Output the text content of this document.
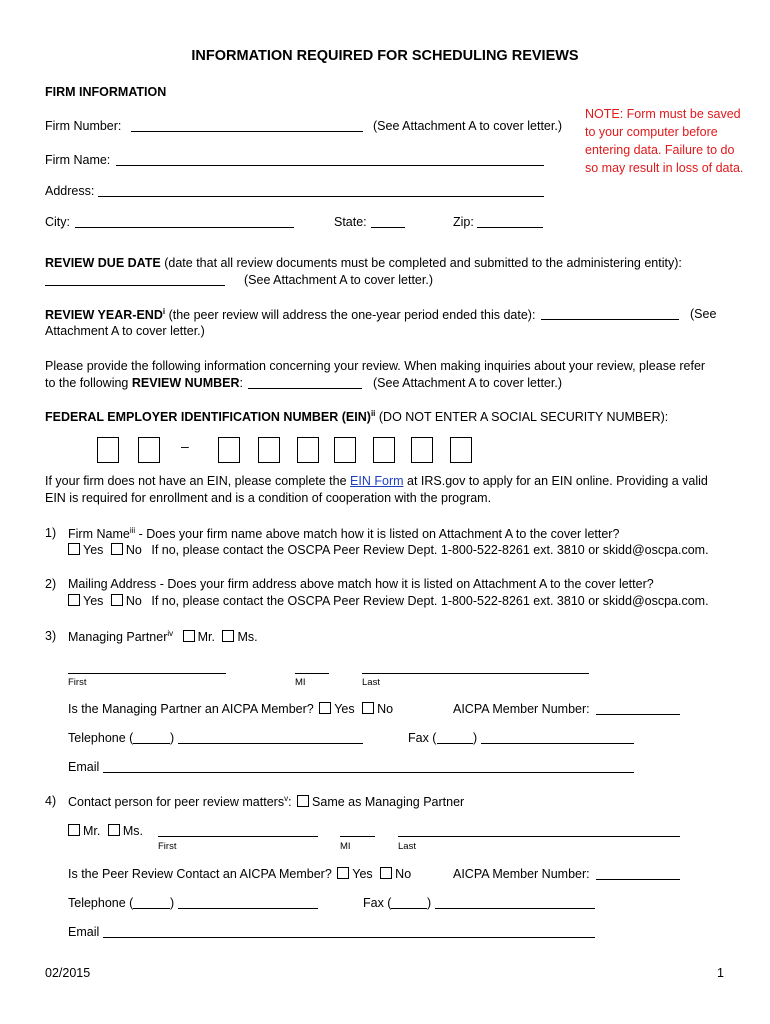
INFORMATION REQUIRED FOR SCHEDULING REVIEWS
FIRM INFORMATION
Firm Number:	(See Attachment A to cover letter.)
Firm Name:
Address:
City:	State:	Zip:
NOTE: Form must be saved to your computer before entering data. Failure to do so may result in loss of data.
REVIEW DUE DATE (date that all review documents must be completed and submitted to the administering entity):
(See Attachment A to cover letter.)
REVIEW YEAR-END$^i$ (the peer review will address the one-year period ended this date):	(See
Attachment A to cover letter.)
Please provide the following information concerning your review. When making inquiries about your review, please refer
to the following REVIEW NUMBER:	(See Attachment A to cover letter.)
FEDERAL EMPLOYER IDENTIFICATION NUMBER (EIN)$^{ii}$ (DO NOT ENTER A SOCIAL SECURITY NUMBER):
–
If your firm does not have an EIN, please complete the EIN Form at IRS.gov to apply for an EIN online. Providing a valid
EIN is required for enrollment and is a condition of cooperation with the program.
1) Firm Name$^{iii}$ - Does your firm name above match how it is listed on Attachment A to the cover letter?
Yes No If no, please contact the OSCPA Peer Review Dept. 1-800-522-8261 ext. 3810 or skidd@oscpa.com.
2) Mailing Address - Does your firm address above match how it is listed on Attachment A to the cover letter?
Yes No If no, please contact the OSCPA Peer Review Dept. 1-800-522-8261 ext. 3810 or skidd@oscpa.com.
3) Managing Partner$^{iv}$ Mr. Ms.
First	MI	Last
Is the Managing Partner an AICPA Member? Yes No	AICPA Member Number:
Telephone (	)	Fax (	)
Email
4) Contact person for peer review matters$^v$: Same as Managing Partner
Mr. Ms.
First	MI	Last
Is the Peer Review Contact an AICPA Member? Yes No	AICPA Member Number:
Telephone (	)	Fax (	)
Email
02/2015	1
